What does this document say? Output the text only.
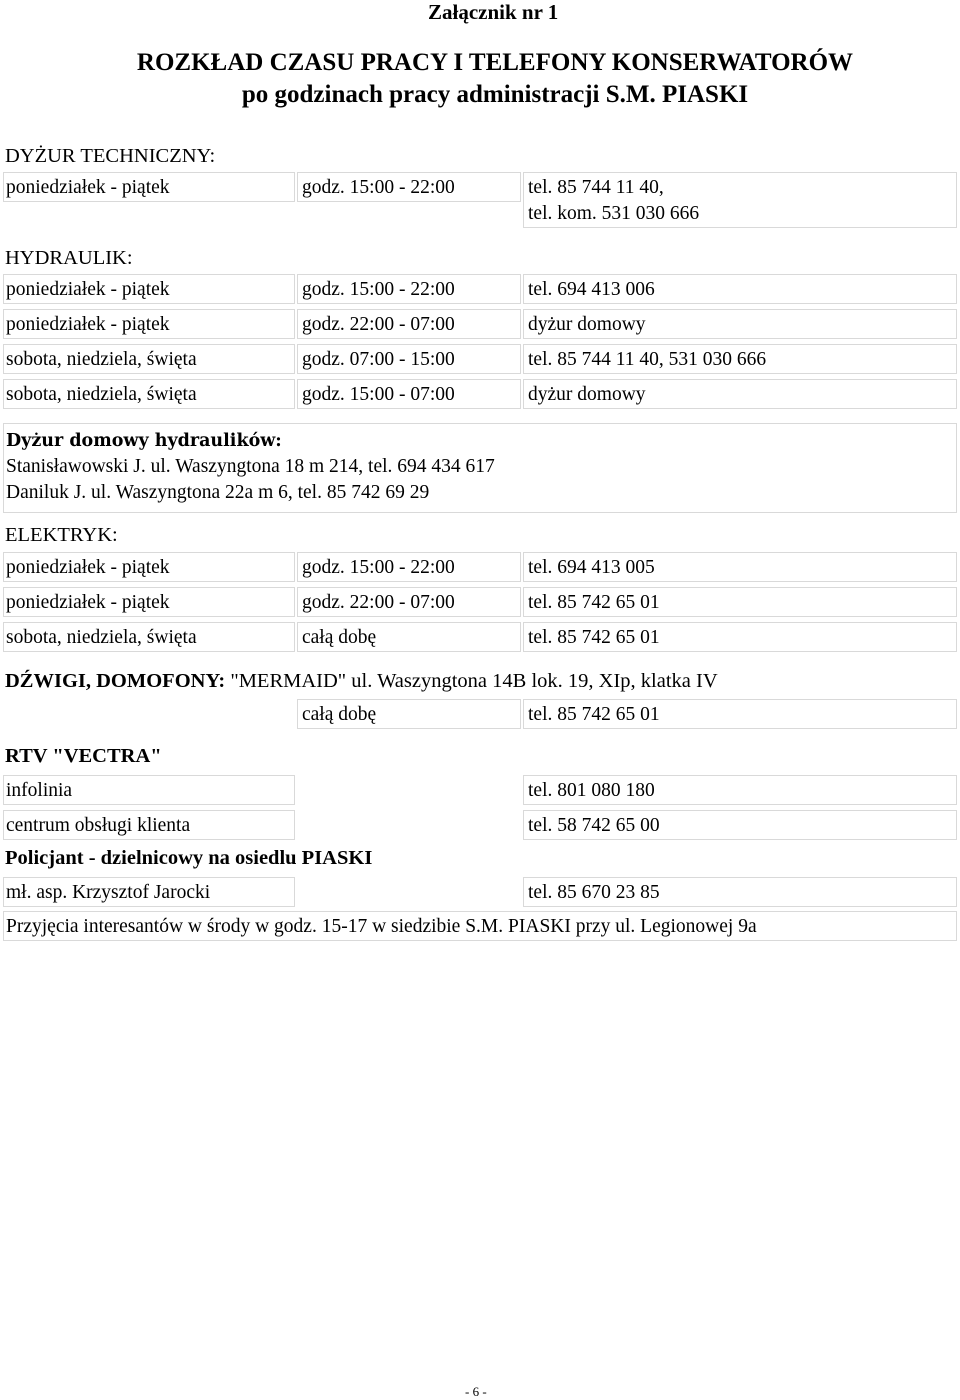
Załącznik nr 1
ROZKŁAD CZASU PRACY I TELEFONY KONSERWATORÓW
po godzinach pracy administracji S.M. PIASKI
DYŻUR TECHNICZNY:
poniedziałek - piątek	godz. 15:00 - 22:00	tel. 85 744 11 40,
tel. kom. 531 030 666
HYDRAULIK:
poniedziałek - piątek	godz. 15:00 - 22:00	tel. 694 413 006
poniedziałek - piątek	godz. 22:00 - 07:00	dyżur domowy
sobota, niedziela, święta	godz. 07:00 - 15:00	tel. 85 744 11 40, 531 030 666
sobota, niedziela, święta	godz. 15:00 - 07:00	dyżur domowy
Dyżur domowy hydraulików:
Stanisławowski J. ul. Waszyngtona 18 m 214, tel. 694 434 617
Daniluk J. ul. Waszyngtona 22a m 6, tel. 85 742 69 29
ELEKTRYK:
poniedziałek - piątek	godz. 15:00 - 22:00	tel. 694 413 005
poniedziałek - piątek	godz. 22:00 - 07:00	tel. 85 742 65 01
sobota, niedziela, święta	całą dobę	tel. 85 742 65 01
DŹWIGI, DOMOFONY: "MERMAID" ul. Waszyngtona 14B lok. 19, XIp, klatka IV
całą dobę	tel. 85 742 65 01
RTV "VECTRA"
infolinia	tel. 801 080 180
centrum obsługi klienta	tel. 58 742 65 00
Policjant - dzielnicowy na osiedlu PIASKI
mł. asp. Krzysztof Jarocki	tel. 85 670 23 85
Przyjęcia interesantów w środy w godz. 15-17 w siedzibie S.M. PIASKI przy ul. Legionowej 9a
- 6 -
